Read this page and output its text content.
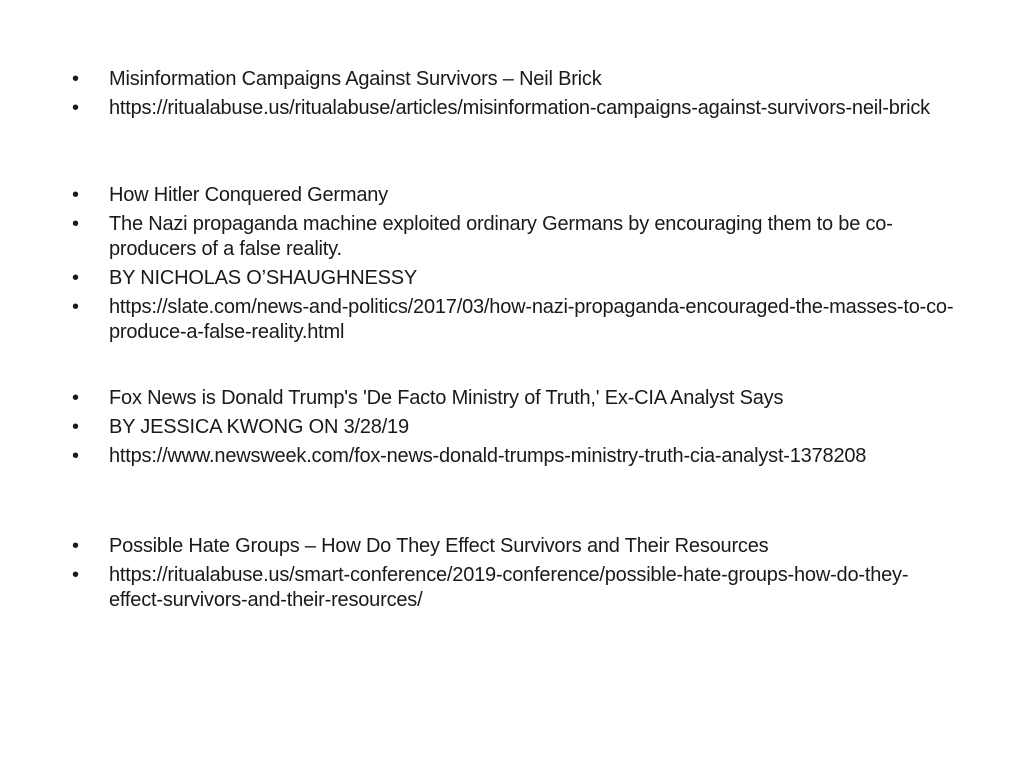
•	Misinformation Campaigns Against Survivors – Neil Brick
•	https://ritualabuse.us/ritualabuse/articles/misinformation-campaigns-against-survivors-neil-brick
•	How Hitler Conquered Germany
•	The Nazi propaganda machine exploited ordinary Germans by encouraging them to be co-producers of a false reality.
•	BY NICHOLAS O’SHAUGHNESSY
•	https://slate.com/news-and-politics/2017/03/how-nazi-propaganda-encouraged-the-masses-to-co-produce-a-false-reality.html
•	Fox News is Donald Trump's 'De Facto Ministry of Truth,' Ex-CIA Analyst Says
•	BY JESSICA KWONG ON 3/28/19
•	https://www.newsweek.com/fox-news-donald-trumps-ministry-truth-cia-analyst-1378208
•	Possible Hate Groups – How Do They Effect Survivors and Their Resources
•	https://ritualabuse.us/smart-conference/2019-conference/possible-hate-groups-how-do-they-effect-survivors-and-their-resources/
